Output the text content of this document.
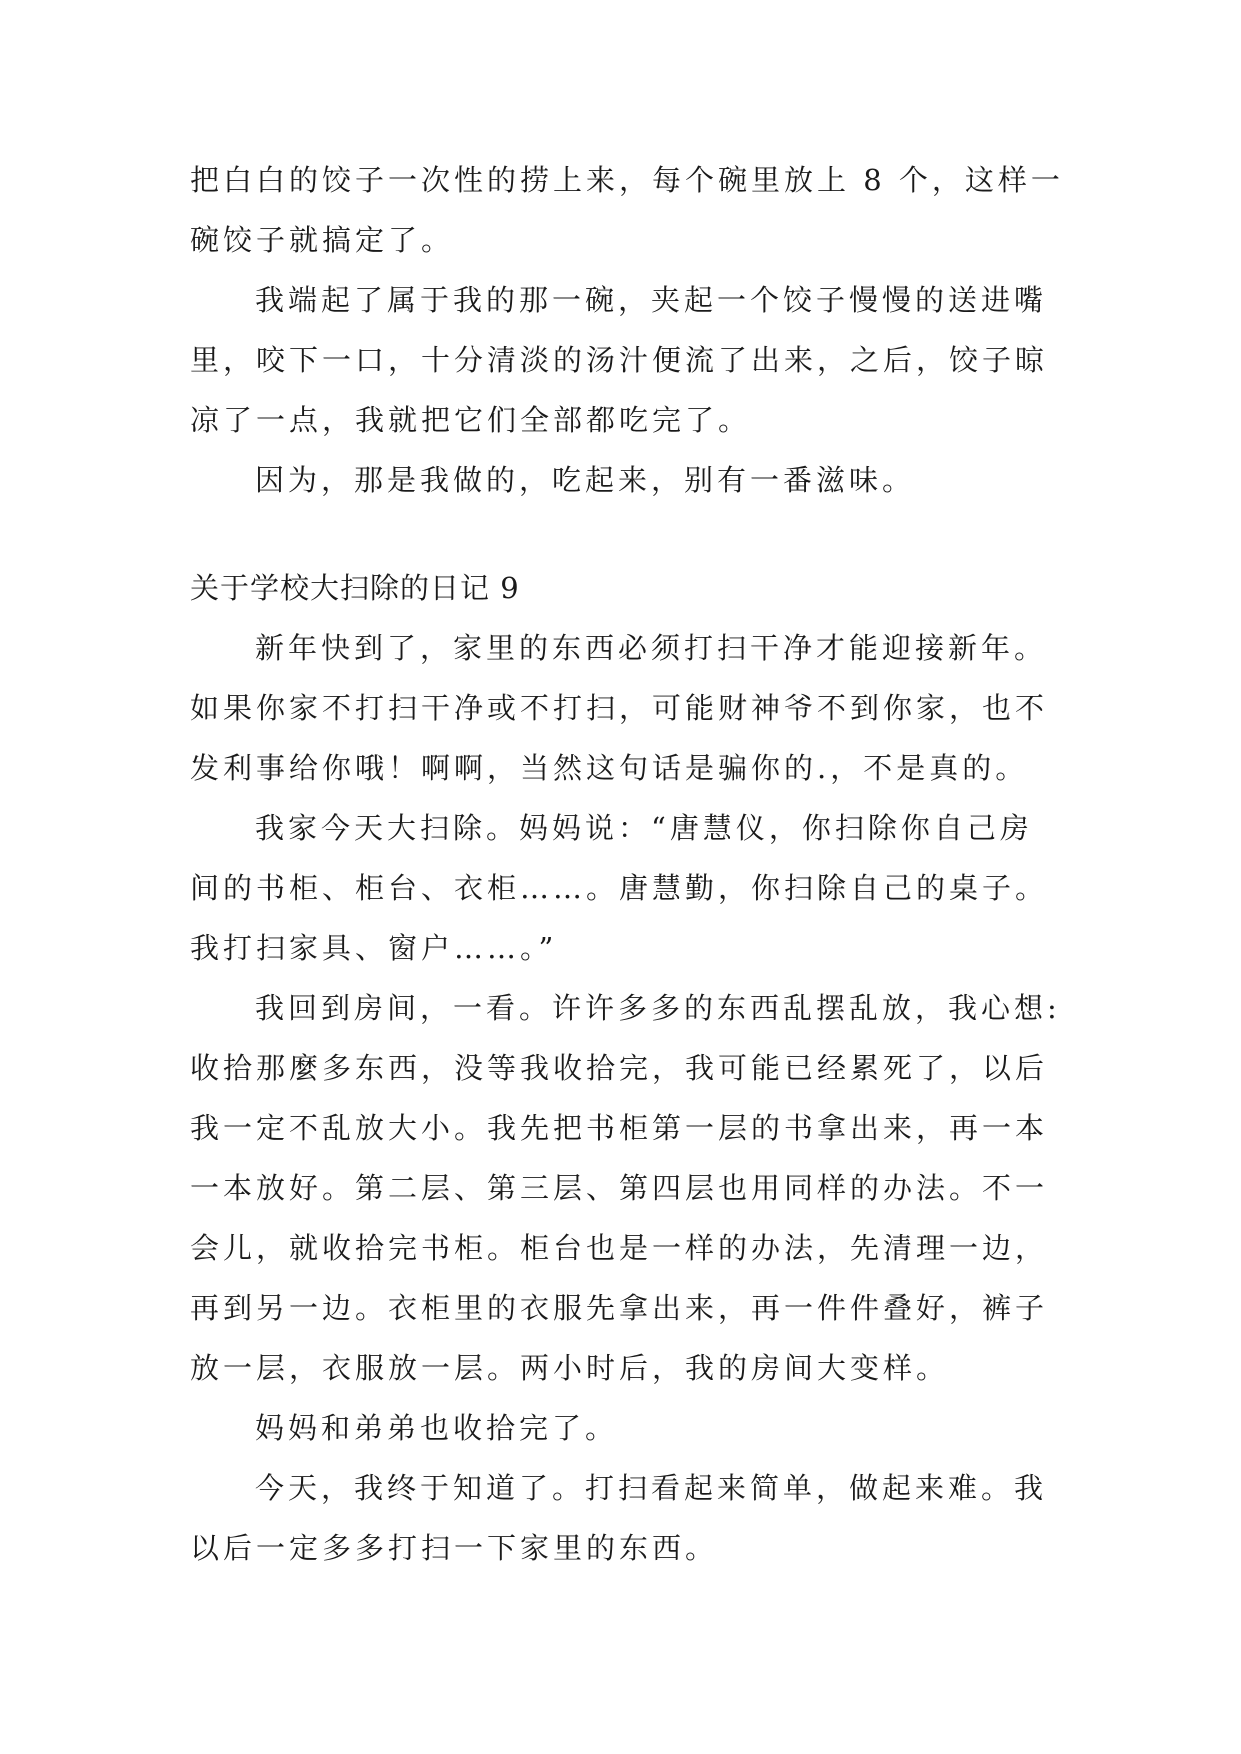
把白白的饺子一次性的捞上来，每个碗里放上 8 个，这样一
碗饺子就搞定了。
我端起了属于我的那一碗，夹起一个饺子慢慢的送进嘴
里，咬下一口，十分清淡的汤汁便流了出来，之后，饺子晾
凉了一点，我就把它们全部都吃完了。
因为，那是我做的，吃起来，别有一番滋味。
关于学校大扫除的日记 9
新年快到了，家里的东西必须打扫干净才能迎接新年。
如果你家不打扫干净或不打扫，可能财神爷不到你家，也不
发利事给你哦！啊啊，当然这句话是骗你的.，不是真的。
我家今天大扫除。妈妈说：“唐慧仪，你扫除你自己房
间的书柜、柜台、衣柜……。唐慧勤，你扫除自己的桌子。
我打扫家具、窗户……。”
我回到房间，一看。许许多多的东西乱摆乱放，我心想:
收拾那麼多东西，没等我收拾完，我可能已经累死了，以后
我一定不乱放大小。我先把书柜第一层的书拿出来，再一本
一本放好。第二层、第三层、第四层也用同样的办法。不一
会儿，就收拾完书柜。柜台也是一样的办法，先清理一边，
再到另一边。衣柜里的衣服先拿出来，再一件件叠好，裤子
放一层，衣服放一层。两小时后，我的房间大变样。
妈妈和弟弟也收拾完了。
今天，我终于知道了。打扫看起来简单，做起来难。我
以后一定多多打扫一下家里的东西。
